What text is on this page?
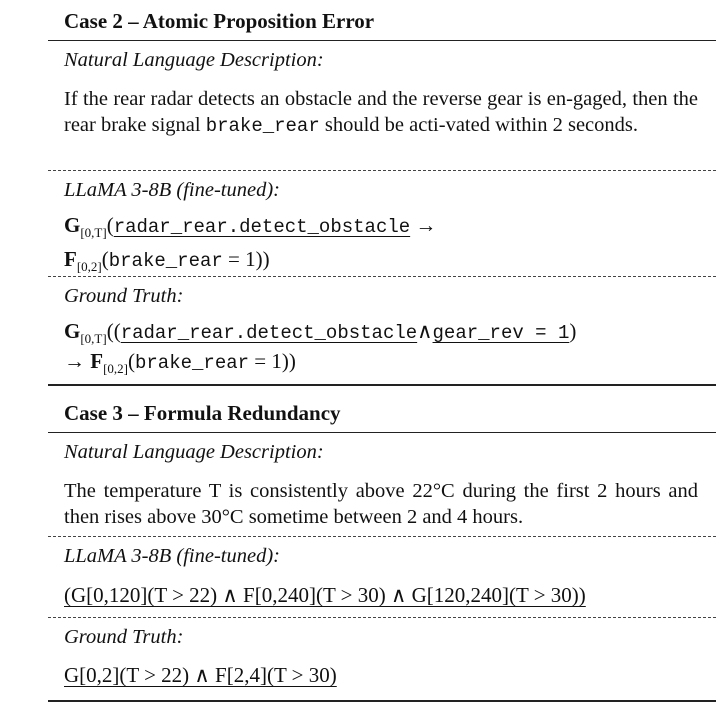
Case 2 – Atomic Proposition Error
Natural Language Description:
If the rear radar detects an obstacle and the reverse gear is en-gaged, then the rear brake signal brake_rear should be acti-vated within 2 seconds.
LLaMA 3-8B (fine-tuned):
$G_{[0,T]}(radar\_rear.detect\_obstacle$ →
$F_{[0,2]}(brake\_rear = 1)$)
Ground Truth:
$G_{[0,T]}((radar\_rear.detect\_obstacle\wedge gear\_rev = 1)$
→ $F_{[0,2]}(brake\_rear = 1)$)
Case 3 – Formula Redundancy
Natural Language Description:
The temperature T is consistently above 22°C during the first 2 hours and then rises above 30°C sometime between 2 and 4 hours.
LLaMA 3-8B (fine-tuned):
(G[0,120](T > 22) ∧ F[0,240](T > 30) ∧ G[120,240](T > 30))
Ground Truth:
G[0,2](T > 22) ∧ F[2,4](T > 30)
